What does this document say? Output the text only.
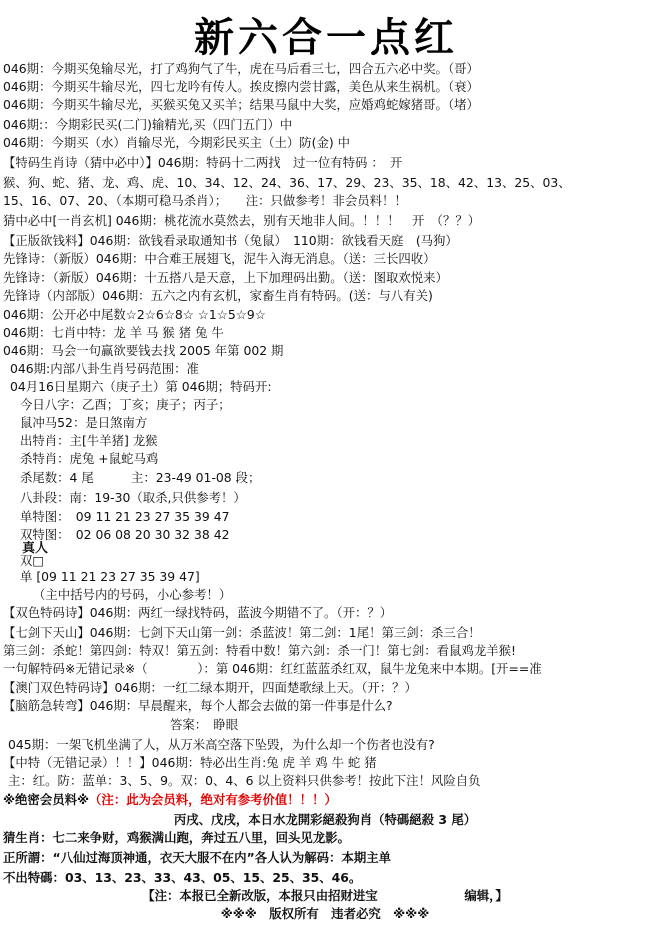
新六合一点红
046期：今期买兔输尽光，打了鸡狗气了牛，虎在马后看三七，四合五六必中奖。（哥）
046期：今期买牛输尽光，四七龙吟有传人。挨皮擦内尝甘露，美色从来生祸机。（衰）
046期：今期买牛输尽光，买猴买兔又买羊；结果马鼠中大奖，应婚鸡蛇嫁猪哥。（堵）
046期:：今期彩民买(二门)输精光,买（四门五门）中
046期：今期买（水）肖输尽光，今期彩民买主（土）防(金) 中
【特码生肖诗（猜中必中）】046期：特码十二两找　过一位有特码 ：　开
猴、狗、蛇、猪、龙、鸡、虎、10、34、12、24、36、17、29、23、35、18、42、13、25、03、
15、16、07、20、（本期可稳马杀肖）；　　注：只做参考！非会员料！！
猜中必中[一肖玄机] 046期：桃花流水莫然去，别有天地非人间。！！！　开　（？？）
【正版欲钱料】046期：欲钱看录取通知书（兔鼠）　110期：欲钱看天庭　(马狗）
先锋诗：（新版）046期：中合难王展翅飞，泥牛入海无消息。（送：三长四收）
先锋诗：（新版）046期：十五搭八是天意，上下加理码出勤。（送：图取欢悦来）
先锋诗（内部版）046期：五六之内有玄机，家畜生肖有特码。(送：与八有关)
046期：公开必中尾数☆2☆6☆8☆ ☆1☆5☆9☆
046期：七肖中特：龙 羊 马 猴 猪 兔 牛
046期：马会一句赢欲要钱去找 2005 年第 002 期
046期:内部八卦生肖号码范围：准
04月16日星期六（庚子土）第 046期；特码开:
今日八字：乙酉；丁亥；庚子；丙子；
鼠冲马52：是日煞南方
出特肖：主[牛羊猪] 龙猴
杀特肖：虎兔 +鼠蛇马鸡
杀尾数：4 尾　　　主：23-49 01-08 段；
八卦段：南：19-30（取杀,只供参考！）
单特图：　09 11 21 23 27 35 39 47
双特图：　02 06 08 20 30 32 38 42
真人
双□
单 [09 11 21 23 27 35 39 47]
（主中括号内的号码，小心参考！）
【双色特码诗】046期：两红一绿找特码，蓝波今期错不了。（开：？）
【七剑下天山】046期：七剑下天山第一剑：杀蓝波！第二剑：1尾！第三剑：杀三合！
第三剑：杀蛇！第四剑：特双！第五剑：特看中数！第六剑：杀一门！第七剑：看鼠鸡龙羊猴!
一句解特码※无错记录※（　　　　）：第 046期：红红蓝蓝杀红双，鼠牛龙兔来中本期。[开==准
【澳门双色特码诗】046期：一红二绿本期开，四面楚歌绿上天。（开：？）
【脑筋急转弯】046期：早晨醒来，每个人都会去做的第一件事是什么?
答案：　睁眼
045期：一架飞机坐满了人，从万米高空落下坠毁，为什么却一个伤者也没有?
【中特（无错记录）！！】046期：特必出生肖:兔 虎 羊 鸡 牛 蛇 猪
主：红。防：蓝单：3、5、9。双：0、4、6 以上资料只供参考！按此下注！风险自负
※绝密会员料※（注：此为会员料，绝对有参考价值！！！）
丙戌、戊戌，本日水龙開彩絕殺狗肖（特碼絕殺 3 尾）
猜生肖：七二来争财，鸡猴满山跑，奔过五八里，回头见龙影。
正所謂：“八仙过海顶神通，衣天大服不在内”各人认为解码：本期主单
不出特碼：03、13、23、33、43、05、15、25、35、46。
【注：本报已全新改版，本报只由招财进宝　　　　　　　编辑，】
※※※　版权所有　违者必究　※※※
